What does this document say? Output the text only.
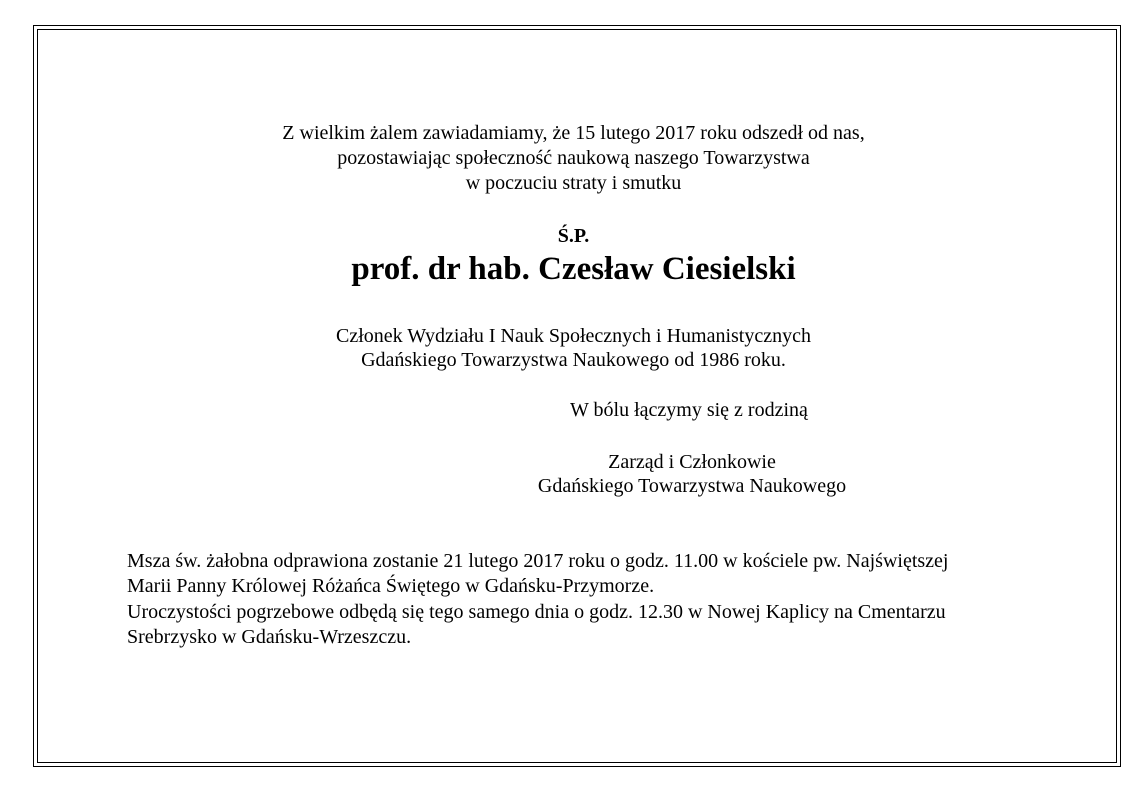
Z wielkim żalem zawiadamiamy, że 15 lutego 2017 roku odszedł od nas,
pozostawiając społeczność naukową naszego Towarzystwa
w poczuciu straty i smutku
Ś.P.
prof. dr hab. Czesław Ciesielski
Członek Wydziału I Nauk Społecznych i Humanistycznych
Gdańskiego Towarzystwa Naukowego od 1986 roku.
W bólu łączymy się z rodziną
Zarząd i Członkowie
Gdańskiego Towarzystwa Naukowego
Msza św. żałobna odprawiona zostanie 21 lutego 2017 roku o godz. 11.00 w kościele pw. Najświętszej
Marii Panny Królowej Różańca Świętego w Gdańsku-Przymorze.
Uroczystości pogrzebowe odbędą się tego samego dnia o godz. 12.30 w Nowej Kaplicy na Cmentarzu
Srebrzysko w Gdańsku-Wrzeszczu.
